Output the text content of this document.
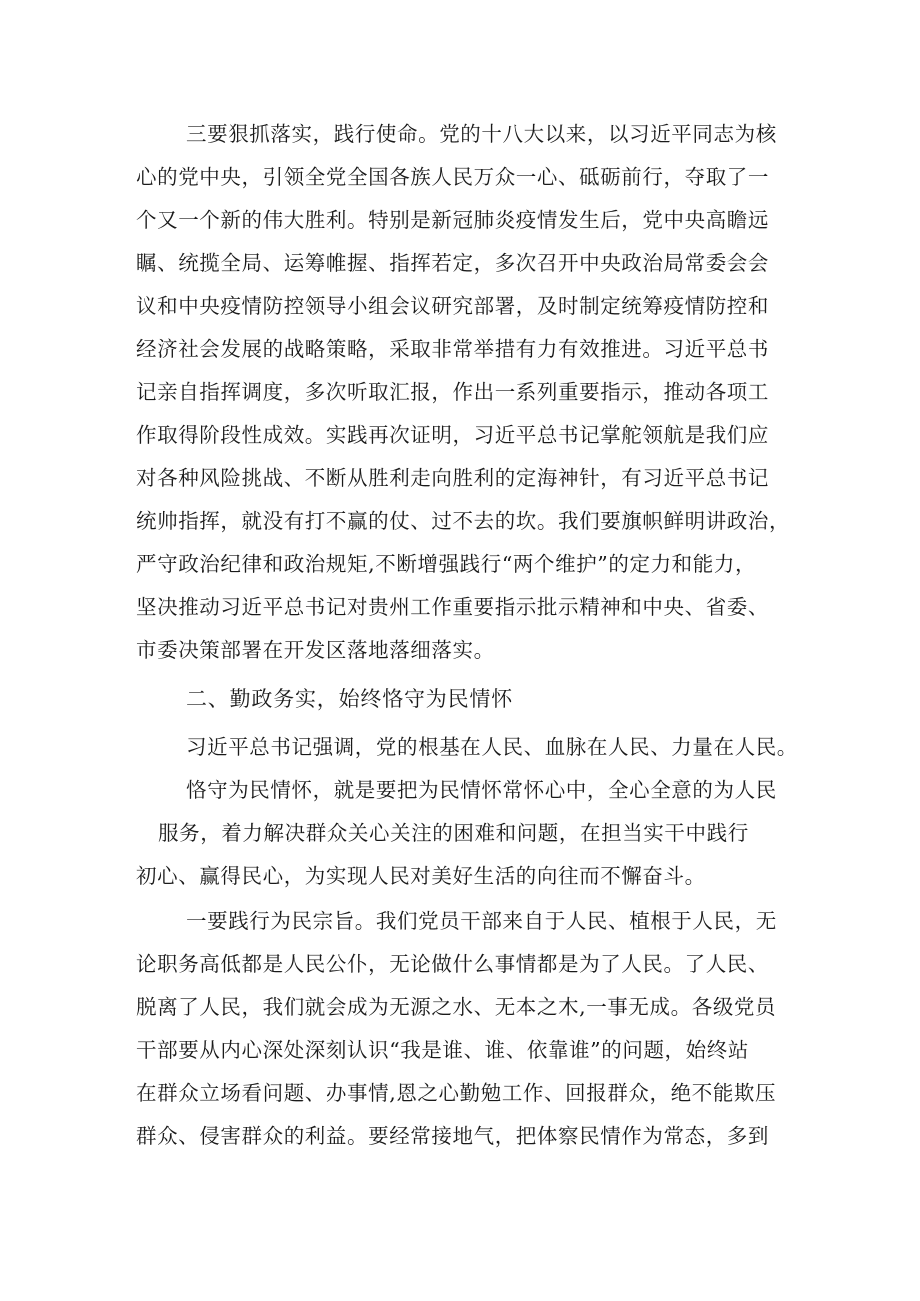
三要狠抓落实，践行使命。党的十八大以来，以习近平同志为核
心的党中央，引领全党全国各族人民万众一心、砥砺前行，夺取了一
个又一个新的伟大胜利。特别是新冠肺炎疫情发生后，党中央高瞻远
瞩、统揽全局、运筹帷握、指挥若定，多次召开中央政治局常委会会
议和中央疫情防控领导小组会议研究部署，及时制定统筹疫情防控和
经济社会发展的战略策略，采取非常举措有力有效推进。习近平总书
记亲自指挥调度，多次听取汇报，作出一系列重要指示，推动各项工
作取得阶段性成效。实践再次证明，习近平总书记掌舵领航是我们应
对各种风险挑战、不断从胜利走向胜利的定海神针，有习近平总书记
统帅指挥，就没有打不赢的仗、过不去的坎。我们要旗帜鲜明讲政治，
严守政治纪律和政治规矩,不断增强践行“两个维护”的定力和能力，
坚决推动习近平总书记对贵州工作重要指示批示精神和中央、省委、
市委决策部署在开发区落地落细落实。
二、勤政务实，始终恪守为民情怀
习近平总书记强调，党的根基在人民、血脉在人民、力量在人民。
恪守为民情怀，就是要把为民情怀常怀心中，全心全意的为人民
服务，着力解决群众关心关注的困难和问题，在担当实干中践行
初心、赢得民心，为实现人民对美好生活的向往而不懈奋斗。
一要践行为民宗旨。我们党员干部来自于人民、植根于人民，无
论职务高低都是人民公仆，无论做什么事情都是为了人民。了人民、
脱离了人民，我们就会成为无源之水、无本之木,一事无成。各级党员
干部要从内心深处深刻认识“我是谁、谁、依靠谁”的问题，始终站
在群众立场看问题、办事情,恩之心勤勉工作、回报群众，绝不能欺压
群众、侵害群众的利益。要经常接地气，把体察民情作为常态，多到
